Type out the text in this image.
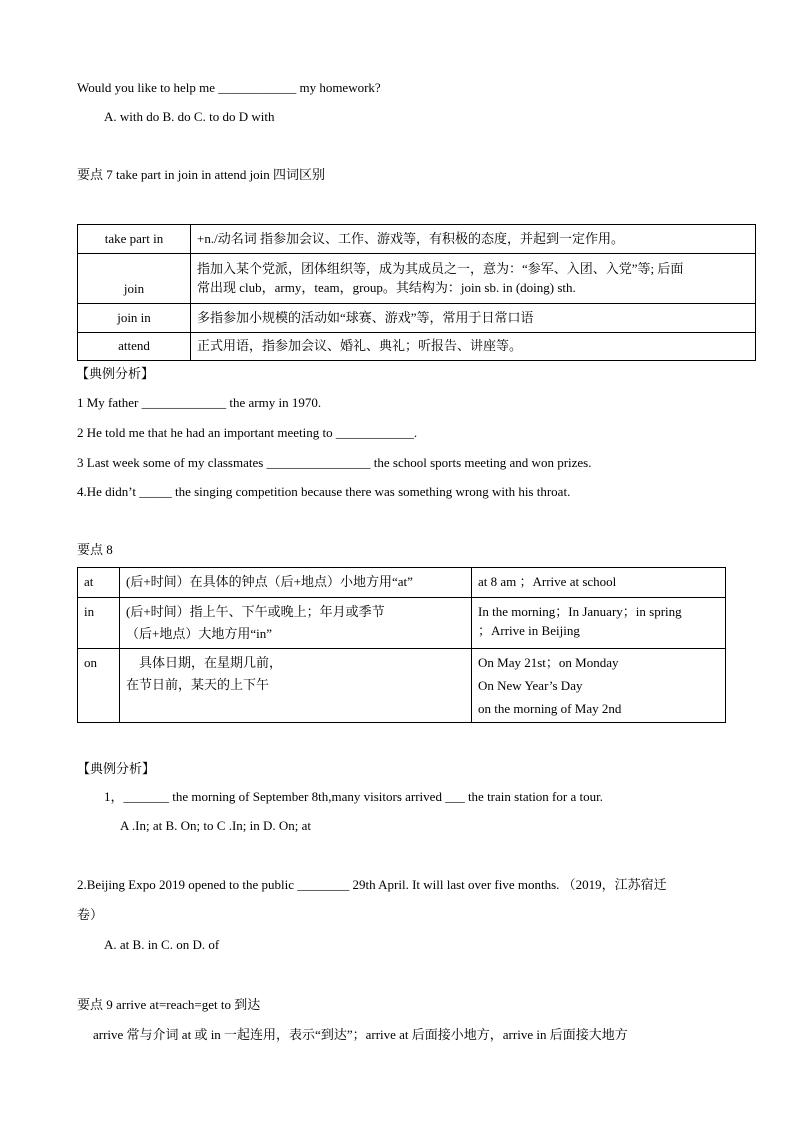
Would you like to help me ____________ my homework?
A. with do B. do C. to do D with
要点 7 take part in join in attend join 四词区别
take part in	+n./动名词 指参加会议、工作、游戏等，有积极的态度，并起到一定作用。

join	指加入某个党派，团体组织等，成为其成员之一，意为：“参军、入团、入党”等; 后面
常出现 club，army，team，group。其结构为：join sb. in (doing) sth.

join in	多指参加小规模的活动如“球赛、游戏”等，常用于日常口语

attend	正式用语，指参加会议、婚礼、典礼；听报告、讲座等。
【典例分析】
1 My father _____________ the army in 1970.
2 He told me that he had an important meeting to ____________.
3 Last week some of my classmates ________________ the school sports meeting and won prizes.
4.He didn’t _____ the singing competition because there was something wrong with his throat.
要点 8
at	(后+时间）在具体的钟点（后+地点）小地方用“at”	at 8 am ；Arrive at school

in	(后+时间）指上午、下午或晚上；年月或季节
（后+地点）大地方用“in”	In the morning；In January；in spring
；Arrive in Beijing

on	具体日期，在星期几前，
在节日前，某天的上下午	On May 21st；on Monday
On New Year’s Day
on the morning of May 2nd
【典例分析】
1，_______ the morning of September 8th,many visitors arrived ___ the train station for a tour.
A .In; at B. On; to C .In; in D. On; at
2.Beijing Expo 2019 opened to the public ________ 29th April. It will last over five months. （2019，江苏宿迁
卷）
A. at B. in C. on D. of
要点 9 arrive at=reach=get to 到达
arrive 常与介词 at 或 in 一起连用，表示“到达”；arrive at 后面接小地方，arrive in 后面接大地方
